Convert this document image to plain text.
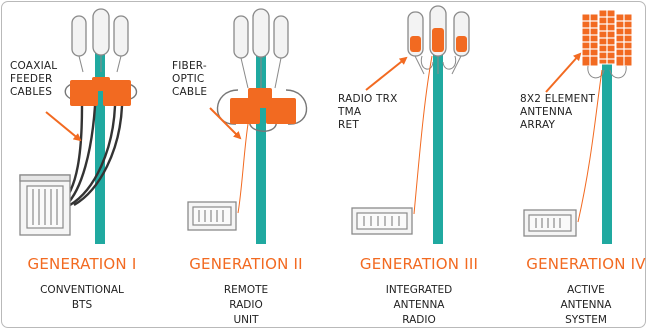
COAXIAL
FEEDER
CABLES
FIBER-
OPTIC
CABLE
RADIO TRX
TMA
RET
8X2 ELEMENT
ANTENNA
ARRAY
GENERATION I	GENERATION II	GENERATION III	GENERATION IV
CONVENTIONAL
BTS
REMOTE
RADIO
UNIT
INTEGRATED
ANTENNA
RADIO
ACTIVE
ANTENNA
SYSTEM
